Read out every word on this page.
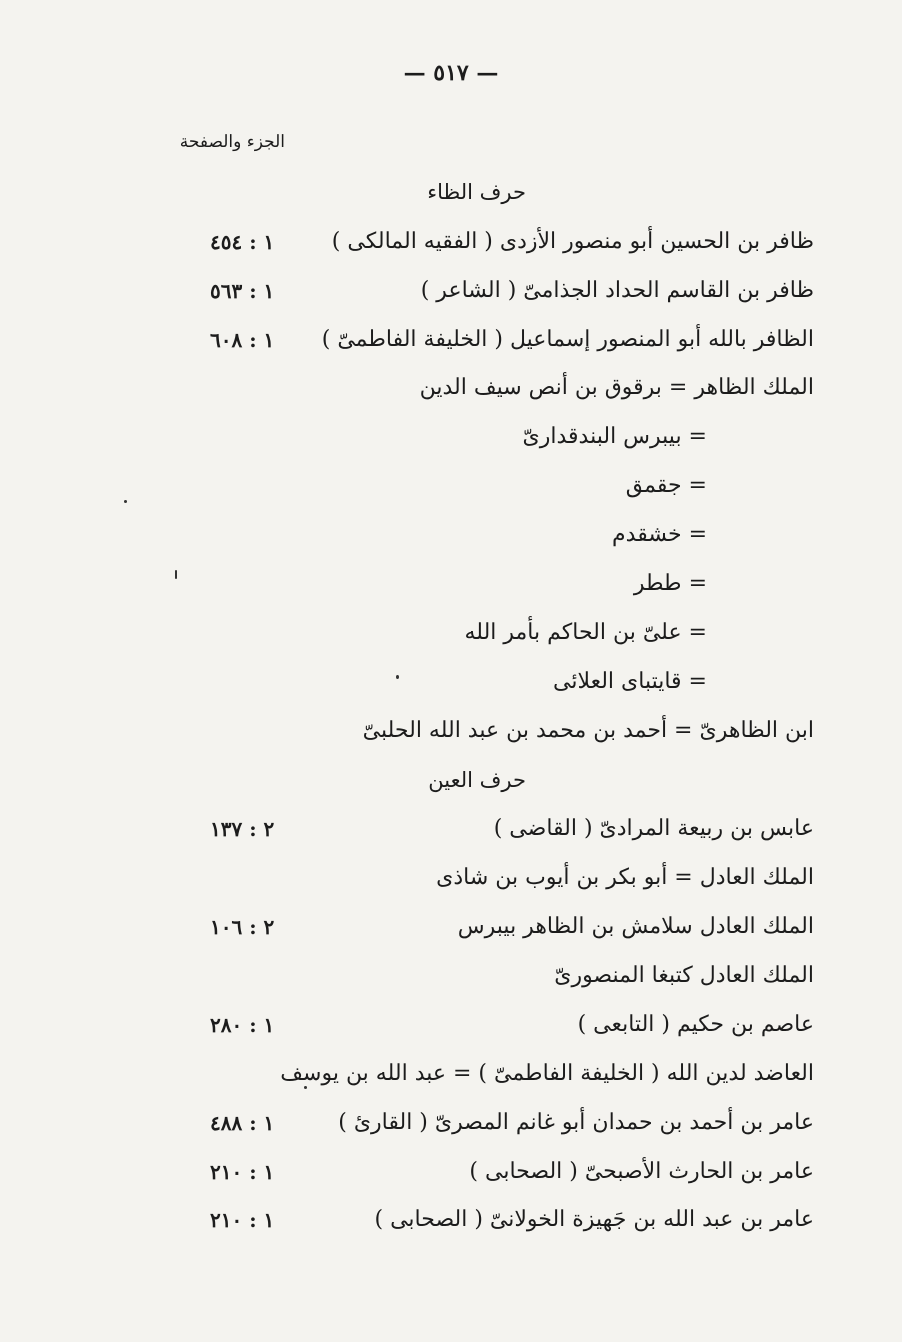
— ٥١٧ —
الجزء والصفحة
حرف الظاء
ظافر بن الحسين أبو منصور الأزدى ( الفقيه المالكى )
١ : ٤٥٤
ظافر بن القاسم الحداد الجذامىّ ( الشاعر )
١ : ٥٦٣
الظافر بالله أبو المنصور إسماعيل ( الخليفة الفاطمىّ )
١ : ٦٠٨
الملك الظاهر = برقوق بن أنص سيف الدين
= بيبرس البندقدارىّ
= جقمق
= خشقدم
= ططر
= علىّ بن الحاكم بأمر الله
= قايتباى العلائى
ابن الظاهرىّ = أحمد بن محمد بن عبد الله الحلبىّ
حرف العين
عابس بن ربيعة المرادىّ ( القاضى )
٢ : ١٣٧
الملك العادل = أبو بكر بن أيوب بن شاذى
الملك العادل سلامش بن الظاهر بيبرس
٢ : ١٠٦
الملك العادل كتبغا المنصورىّ
عاصم بن حكيم ( التابعى )
١ : ٢٨٠
العاضد لدين الله ( الخليفة الفاطمىّ ) = عبد الله بن يوسف
عامر بن أحمد بن حمدان أبو غانم المصرىّ ( القارئ )
١ : ٤٨٨
عامر بن الحارث الأصبحىّ ( الصحابى )
١ : ٢١٠
عامر بن عبد الله بن جَهيزة الخولانىّ ( الصحابى )
١ : ٢١٠
